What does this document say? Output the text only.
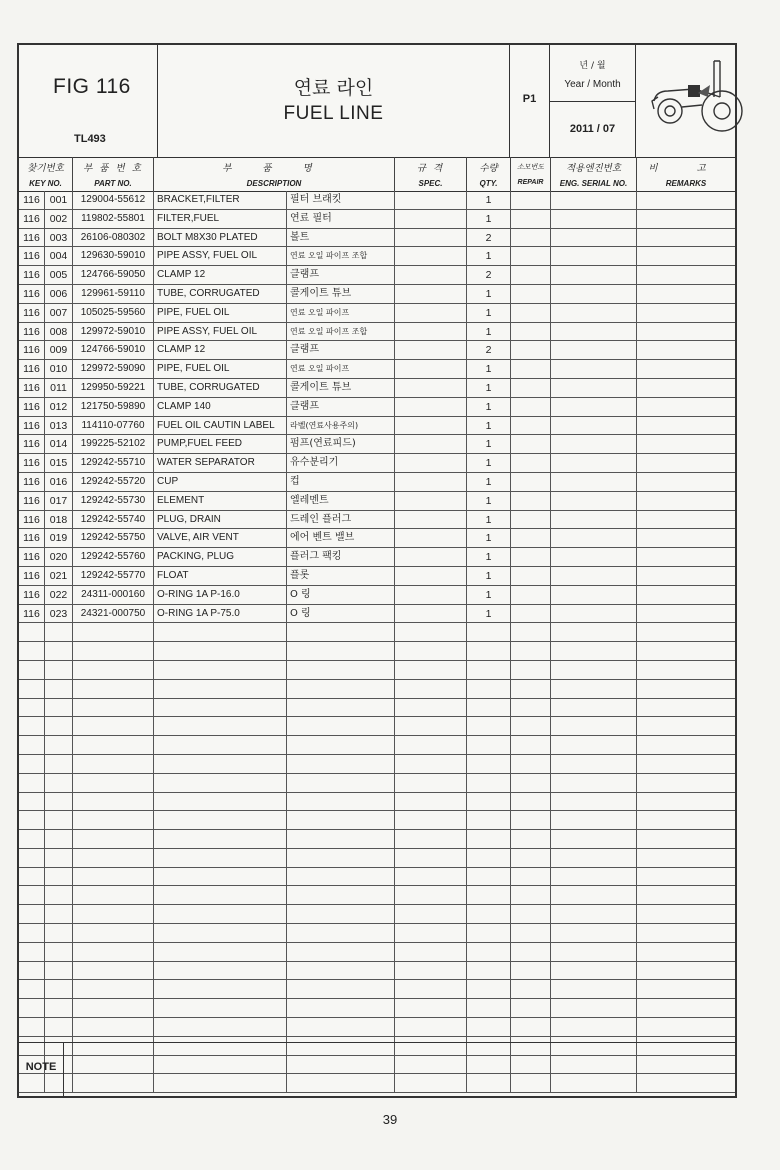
FIG 116
TL493
연료 라인
FUEL LINE
P1
년 / 월
Year / Month
2011 / 07
찾기번호
KEY NO.
부 품 번 호
PART NO.
부 품 명
DESCRIPTION
규 격
SPEC.
수량
QTY.
소모번도
REPAIR
적용엔진번호
ENG. SERIAL NO.
비 고
REMARKS
116 001	129004-55612	BRACKET,FILTER	필터 브래킷	1
116 002	119802-55801	FILTER,FUEL	연료 필터	1
116 003	26106-080302	BOLT M8X30 PLATED	볼트	2
116 004	129630-59010	PIPE ASSY, FUEL OIL	연료 오일 파이프 조합	1
116 005	124766-59050	CLAMP 12	클램프	2
116 006	129961-59110	TUBE, CORRUGATED	콜게이트 튜브	1
116 007	105025-59560	PIPE, FUEL OIL	연료 오일 파이프	1
116 008	129972-59010	PIPE ASSY, FUEL OIL	연료 오일 파이프 조합	1
116 009	124766-59010	CLAMP 12	클램프	2
116 010	129972-59090	PIPE, FUEL OIL	연료 오일 파이프	1
116 011	129950-59221	TUBE, CORRUGATED	콜게이트 튜브	1
116 012	121750-59890	CLAMP 140	클램프	1
116 013	114110-07760	FUEL OIL CAUTIN LABEL	라벨(연료사용주의)	1
116 014	199225-52102	PUMP,FUEL FEED	펌프(연료피드)	1
116 015	129242-55710	WATER SEPARATOR	유수분리기	1
116 016	129242-55720	CUP	컵	1
116 017	129242-55730	ELEMENT	엘레멘트	1
116 018	129242-55740	PLUG, DRAIN	드레인 플러그	1
116 019	129242-55750	VALVE, AIR VENT	에어 벤트 밸브	1
116 020	129242-55760	PACKING, PLUG	플러그 팩킹	1
116 021	129242-55770	FLOAT	플롯	1
116 022	24311-000160	O-RING 1A P-16.0	O 링	1
116 023	24321-000750	O-RING 1A P-75.0	O 링	1
NOTE
39
